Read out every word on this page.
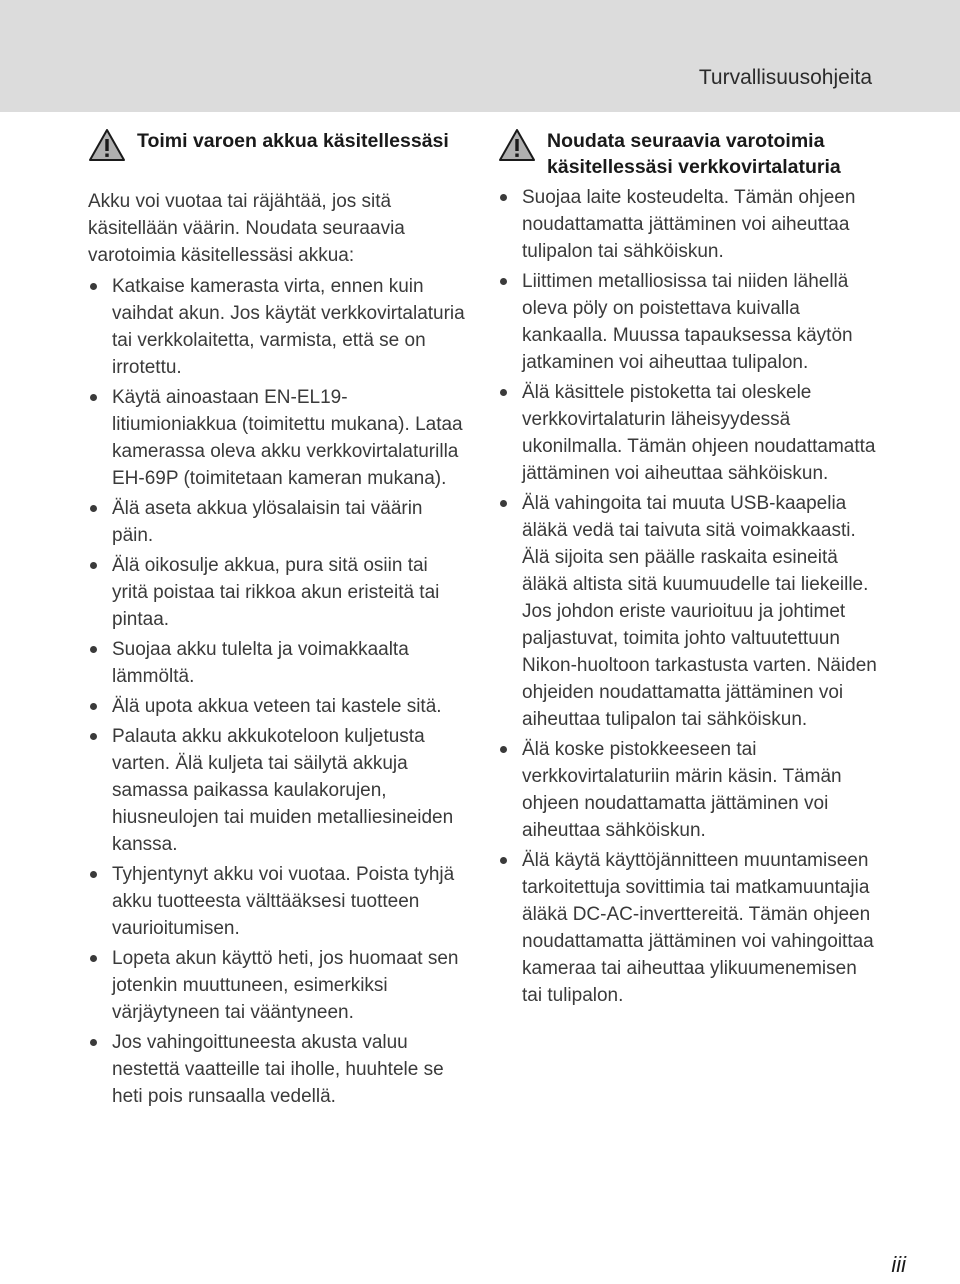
Turvallisuusohjeita
Toimi varoen akkua käsitellessäsi
Akku voi vuotaa tai räjähtää, jos sitä käsitellään väärin. Noudata seuraavia varotoimia käsitellessäsi akkua:
Katkaise kamerasta virta, ennen kuin vaihdat akun. Jos käytät verkkovirtalaturia tai verkkolaitetta, varmista, että se on irrotettu.
Käytä ainoastaan EN-EL19-litiumioniakkua (toimitettu mukana). Lataa kamerassa oleva akku verkkovirtalaturilla EH-69P (toimitetaan kameran mukana).
Älä aseta akkua ylösalaisin tai väärin päin.
Älä oikosulje akkua, pura sitä osiin tai yritä poistaa tai rikkoa akun eristeitä tai pintaa.
Suojaa akku tulelta ja voimakkaalta lämmöltä.
Älä upota akkua veteen tai kastele sitä.
Palauta akku akkukoteloon kuljetusta varten. Älä kuljeta tai säilytä akkuja samassa paikassa kaulakorujen, hiusneulojen tai muiden metalliesineiden kanssa.
Tyhjentynyt akku voi vuotaa. Poista tyhjä akku tuotteesta välttääksesi tuotteen vaurioitumisen.
Lopeta akun käyttö heti, jos huomaat sen jotenkin muuttuneen, esimerkiksi värjäytyneen tai vääntyneen.
Jos vahingoittuneesta akusta valuu nestettä vaatteille tai iholle, huuhtele se heti pois runsaalla vedellä.
Noudata seuraavia varotoimia käsitellessäsi verkkovirtalaturia
Suojaa laite kosteudelta. Tämän ohjeen noudattamatta jättäminen voi aiheuttaa tulipalon tai sähköiskun.
Liittimen metalliosissa tai niiden lähellä oleva pöly on poistettava kuivalla kankaalla. Muussa tapauksessa käytön jatkaminen voi aiheuttaa tulipalon.
Älä käsittele pistoketta tai oleskele verkkovirtalaturin läheisyydessä ukonilmalla. Tämän ohjeen noudattamatta jättäminen voi aiheuttaa sähköiskun.
Älä vahingoita tai muuta USB-kaapelia äläkä vedä tai taivuta sitä voimakkaasti. Älä sijoita sen päälle raskaita esineitä äläkä altista sitä kuumuudelle tai liekeille. Jos johdon eriste vaurioituu ja johtimet paljastuvat, toimita johto valtuutettuun Nikon-huoltoon tarkastusta varten. Näiden ohjeiden noudattamatta jättäminen voi aiheuttaa tulipalon tai sähköiskun.
Älä koske pistokkeeseen tai verkkovirtalaturiin märin käsin. Tämän ohjeen noudattamatta jättäminen voi aiheuttaa sähköiskun.
Älä käytä käyttöjännitteen muuntamiseen tarkoitettuja sovittimia tai matkamuuntajia äläkä DC-AC-invertterеitä. Tämän ohjeen noudattamatta jättäminen voi vahingoittaa kameraa tai aiheuttaa ylikuumenemisen tai tulipalon.
iii
